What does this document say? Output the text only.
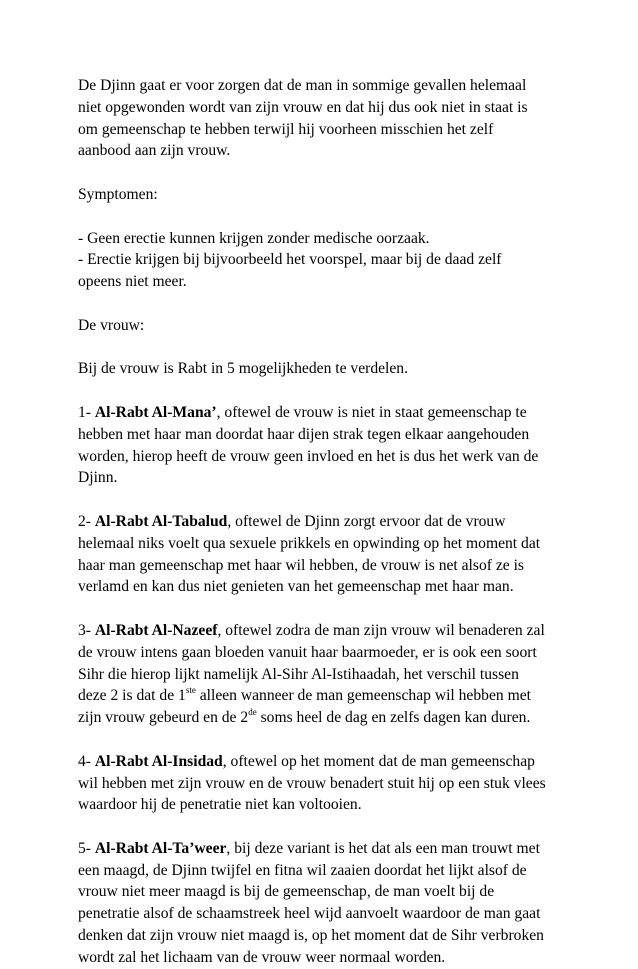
De Djinn gaat er voor zorgen dat de man in sommige gevallen helemaal
niet opgewonden wordt van zijn vrouw en dat hij dus ook niet in staat is
om gemeenschap te hebben terwijl hij voorheen misschien het zelf
aanbood aan zijn vrouw.

Symptomen:

- Geen erectie kunnen krijgen zonder medische oorzaak.
- Erectie krijgen bij bijvoorbeeld het voorspel, maar bij de daad zelf
opeens niet meer.

De vrouw:

Bij de vrouw is Rabt in 5 mogelijkheden te verdelen.

1- Al-Rabt Al-Mana’, oftewel de vrouw is niet in staat gemeenschap te
hebben met haar man doordat haar dijen strak tegen elkaar aangehouden
worden, hierop heeft de vrouw geen invloed en het is dus het werk van de
Djinn.

2- Al-Rabt Al-Tabalud, oftewel de Djinn zorgt ervoor dat de vrouw
helemaal niks voelt qua sexuele prikkels en opwinding op het moment dat
haar man gemeenschap met haar wil hebben, de vrouw is net alsof ze is
verlamd en kan dus niet genieten van het gemeenschap met haar man.

3- Al-Rabt Al-Nazeef, oftewel zodra de man zijn vrouw wil benaderen zal
de vrouw intens gaan bloeden vanuit haar baarmoeder, er is ook een soort
Sihr die hierop lijkt namelijk Al-Sihr Al-Istihaadah, het verschil tussen
deze 2 is dat de 1ste alleen wanneer de man gemeenschap wil hebben met
zijn vrouw gebeurd en de 2de soms heel de dag en zelfs dagen kan duren.

4- Al-Rabt Al-Insidad, oftewel op het moment dat de man gemeenschap
wil hebben met zijn vrouw en de vrouw benadert stuit hij op een stuk vlees
waardoor hij de penetratie niet kan voltooien.

5- Al-Rabt Al-Ta’weer, bij deze variant is het dat als een man trouwt met
een maagd, de Djinn twijfel en fitna wil zaaien doordat het lijkt alsof de
vrouw niet meer maagd is bij de gemeenschap, de man voelt bij de
penetratie alsof de schaamstreek heel wijd aanvoelt waardoor de man gaat
denken dat zijn vrouw niet maagd is, op het moment dat de Sihr verbroken
wordt zal het lichaam van de vrouw weer normaal worden.
